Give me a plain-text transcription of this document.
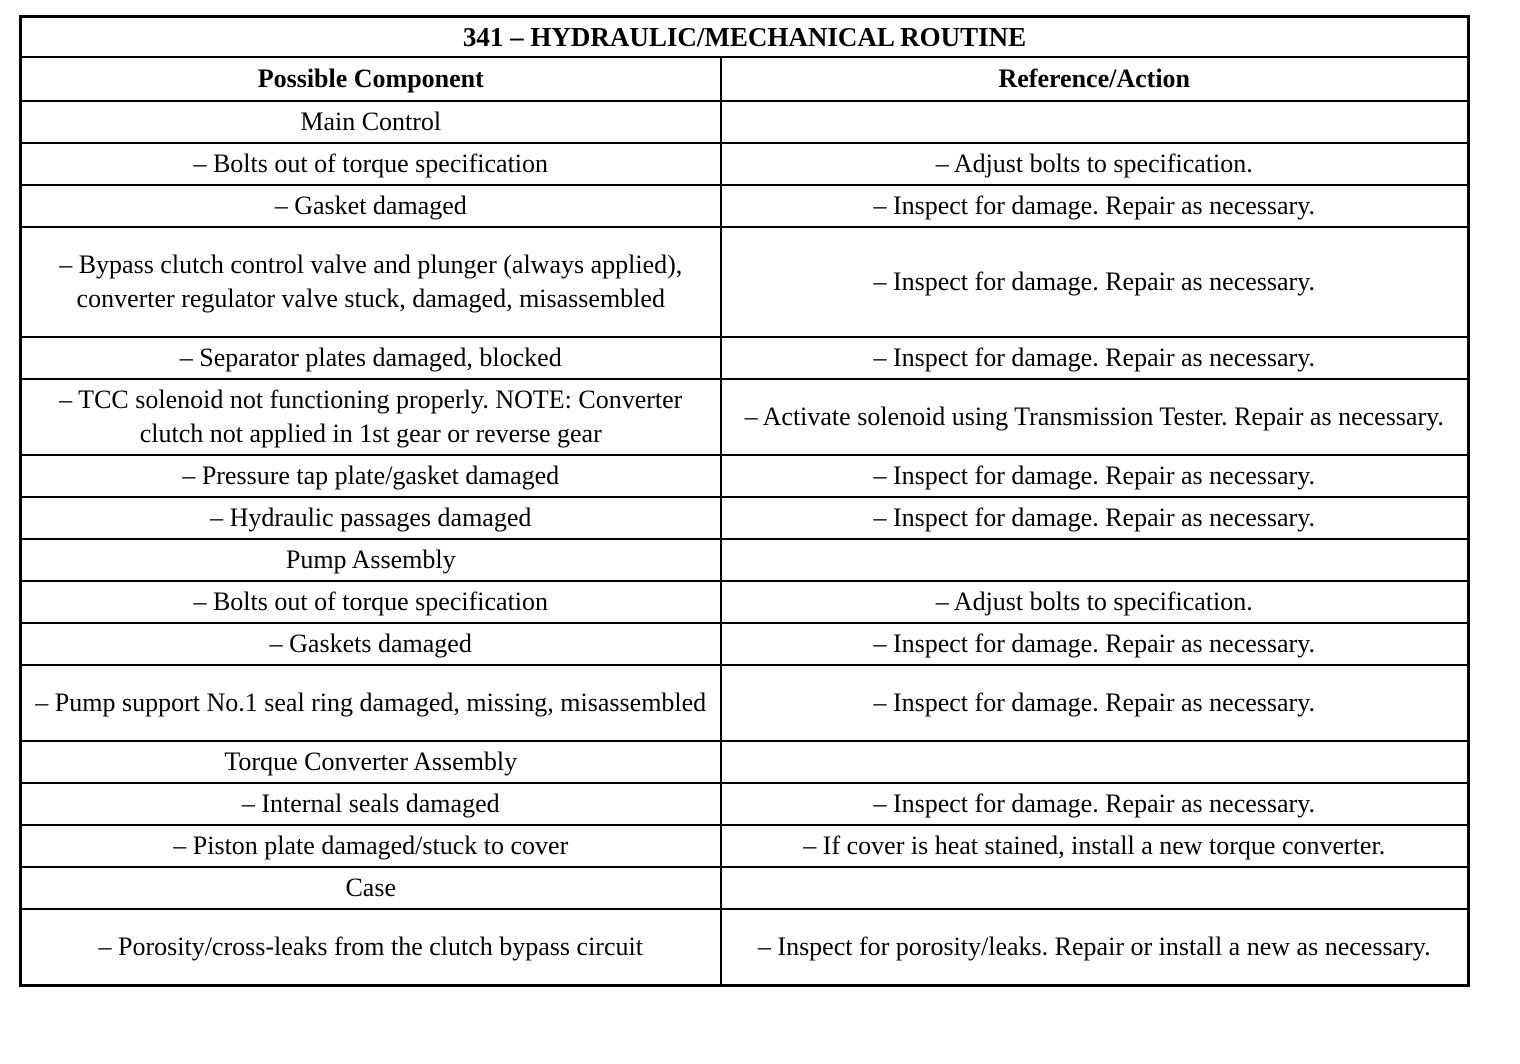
341 – HYDRAULIC/MECHANICAL ROUTINE	
Possible Component	Reference/Action
Main Control	
– Bolts out of torque specification	– Adjust bolts to specification.
– Gasket damaged	– Inspect for damage. Repair as necessary.
– Bypass clutch control valve and plunger (always applied), converter regulator valve stuck, damaged, misassembled	– Inspect for damage. Repair as necessary.
– Separator plates damaged, blocked	– Inspect for damage. Repair as necessary.
– TCC solenoid not functioning properly. NOTE: Converter clutch not applied in 1st gear or reverse gear	– Activate solenoid using Transmission Tester. Repair as necessary.
– Pressure tap plate/gasket damaged	– Inspect for damage. Repair as necessary.
– Hydraulic passages damaged	– Inspect for damage. Repair as necessary.
Pump Assembly	
– Bolts out of torque specification	– Adjust bolts to specification.
– Gaskets damaged	– Inspect for damage. Repair as necessary.
– Pump support No.1 seal ring damaged, missing, misassembled	– Inspect for damage. Repair as necessary.
Torque Converter Assembly	
– Internal seals damaged	– Inspect for damage. Repair as necessary.
– Piston plate damaged/stuck to cover	– If cover is heat stained, install a new torque converter.
Case	
– Porosity/cross-leaks from the clutch bypass circuit	– Inspect for porosity/leaks. Repair or install a new as necessary.
